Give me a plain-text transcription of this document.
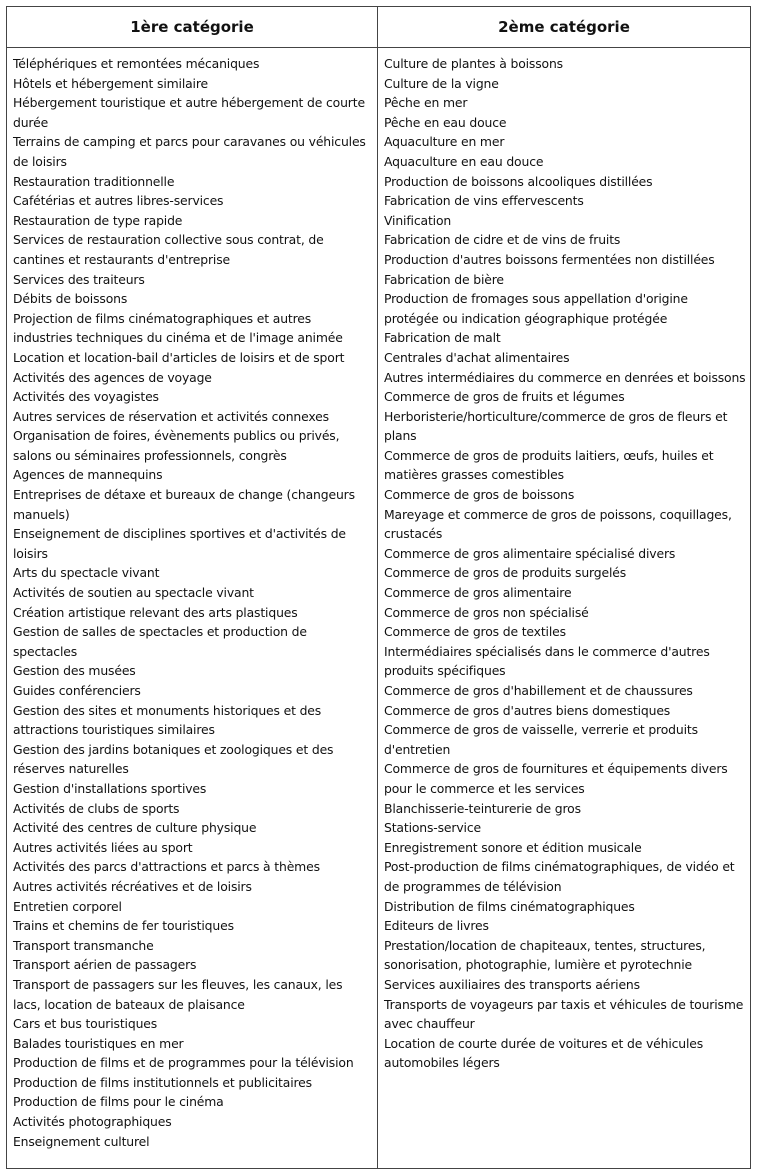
1ère catégorie	2ème catégorie
Téléphériques et remontées mécaniques
Hôtels et hébergement similaire
Hébergement touristique et autre hébergement de courte durée
Terrains de camping et parcs pour caravanes ou véhicules de loisirs
Restauration traditionnelle
Cafétérias et autres libres-services
Restauration de type rapide
Services de restauration collective sous contrat, de cantines et restaurants d'entreprise
Services des traiteurs
Débits de boissons
Projection de films cinématographiques et autres industries techniques du cinéma et de l'image animée
Location et location-bail d'articles de loisirs et de sport
Activités des agences de voyage
Activités des voyagistes
Autres services de réservation et activités connexes
Organisation de foires, évènements publics ou privés, salons ou séminaires professionnels, congrès
Agences de mannequins
Entreprises de détaxe et bureaux de change (changeurs manuels)
Enseignement de disciplines sportives et d'activités de loisirs
Arts du spectacle vivant
Activités de soutien au spectacle vivant
Création artistique relevant des arts plastiques
Gestion de salles de spectacles et production de spectacles
Gestion des musées
Guides conférenciers
Gestion des sites et monuments historiques et des attractions touristiques similaires
Gestion des jardins botaniques et zoologiques et des réserves naturelles
Gestion d'installations sportives
Activités de clubs de sports
Activité des centres de culture physique
Autres activités liées au sport
Activités des parcs d'attractions et parcs à thèmes
Autres activités récréatives et de loisirs
Entretien corporel
Trains et chemins de fer touristiques
Transport transmanche
Transport aérien de passagers
Transport de passagers sur les fleuves, les canaux, les lacs, location de bateaux de plaisance
Cars et bus touristiques
Balades touristiques en mer
Production de films et de programmes pour la télévision
Production de films institutionnels et publicitaires
Production de films pour le cinéma
Activités photographiques
Enseignement culturel
Culture de plantes à boissons
Culture de la vigne
Pêche en mer
Pêche en eau douce
Aquaculture en mer
Aquaculture en eau douce
Production de boissons alcooliques distillées
Fabrication de vins effervescents
Vinification
Fabrication de cidre et de vins de fruits
Production d'autres boissons fermentées non distillées
Fabrication de bière
Production de fromages sous appellation d'origine protégée ou indication géographique protégée
Fabrication de malt
Centrales d'achat alimentaires
Autres intermédiaires du commerce en denrées et boissons
Commerce de gros de fruits et légumes
Herboristerie/horticulture/commerce de gros de fleurs et plans
Commerce de gros de produits laitiers, œufs, huiles et matières grasses comestibles
Commerce de gros de boissons
Mareyage et commerce de gros de poissons, coquillages, crustacés
Commerce de gros alimentaire spécialisé divers
Commerce de gros de produits surgelés
Commerce de gros alimentaire
Commerce de gros non spécialisé
Commerce de gros de textiles
Intermédiaires spécialisés dans le commerce d'autres produits spécifiques
Commerce de gros d'habillement et de chaussures
Commerce de gros d'autres biens domestiques
Commerce de gros de vaisselle, verrerie et produits d'entretien
Commerce de gros de fournitures et équipements divers pour le commerce et les services
Blanchisserie-teinturerie de gros
Stations-service
Enregistrement sonore et édition musicale
Post-production de films cinématographiques, de vidéo et de programmes de télévision
Distribution de films cinématographiques
Editeurs de livres
Prestation/location de chapiteaux, tentes, structures, sonorisation, photographie, lumière et pyrotechnie
Services auxiliaires des transports aériens
Transports de voyageurs par taxis et véhicules de tourisme avec chauffeur
Location de courte durée de voitures et de véhicules automobiles légers
